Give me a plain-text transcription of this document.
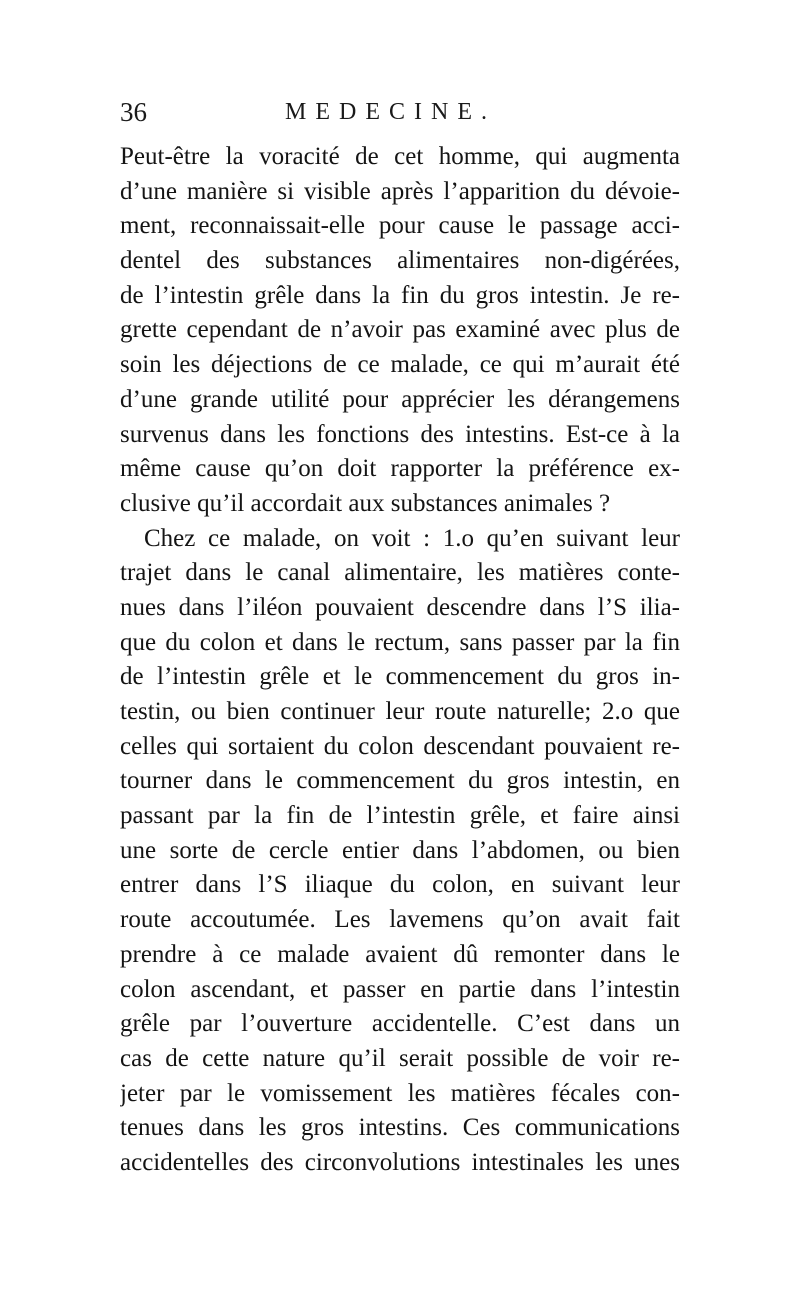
36	MEDECINE.
Peut-être la voracité de cet homme, qui augmenta
d’une manière si visible après l’apparition du dévoie-
ment, reconnaissait-elle pour cause le passage acci-
dentel des substances alimentaires non-digérées,
de l’intestin grêle dans la fin du gros intestin. Je re-
grette cependant de n’avoir pas examiné avec plus de
soin les déjections de ce malade, ce qui m’aurait été
d’une grande utilité pour apprécier les dérangemens
survenus dans les fonctions des intestins. Est-ce à la
même cause qu’on doit rapporter la préférence ex-
clusive qu’il accordait aux substances animales ?
Chez ce malade, on voit : 1.o qu’en suivant leur
trajet dans le canal alimentaire, les matières conte-
nues dans l’iléon pouvaient descendre dans l’S ilia-
que du colon et dans le rectum, sans passer par la fin
de l’intestin grêle et le commencement du gros in-
testin, ou bien continuer leur route naturelle; 2.o que
celles qui sortaient du colon descendant pouvaient re-
tourner dans le commencement du gros intestin, en
passant par la fin de l’intestin grêle, et faire ainsi
une sorte de cercle entier dans l’abdomen, ou bien
entrer dans l’S iliaque du colon, en suivant leur
route accoutumée. Les lavemens qu’on avait fait
prendre à ce malade avaient dû remonter dans le
colon ascendant, et passer en partie dans l’intestin
grêle par l’ouverture accidentelle. C’est dans un
cas de cette nature qu’il serait possible de voir re-
jeter par le vomissement les matières fécales con-
tenues dans les gros intestins. Ces communications
accidentelles des circonvolutions intestinales les unes
